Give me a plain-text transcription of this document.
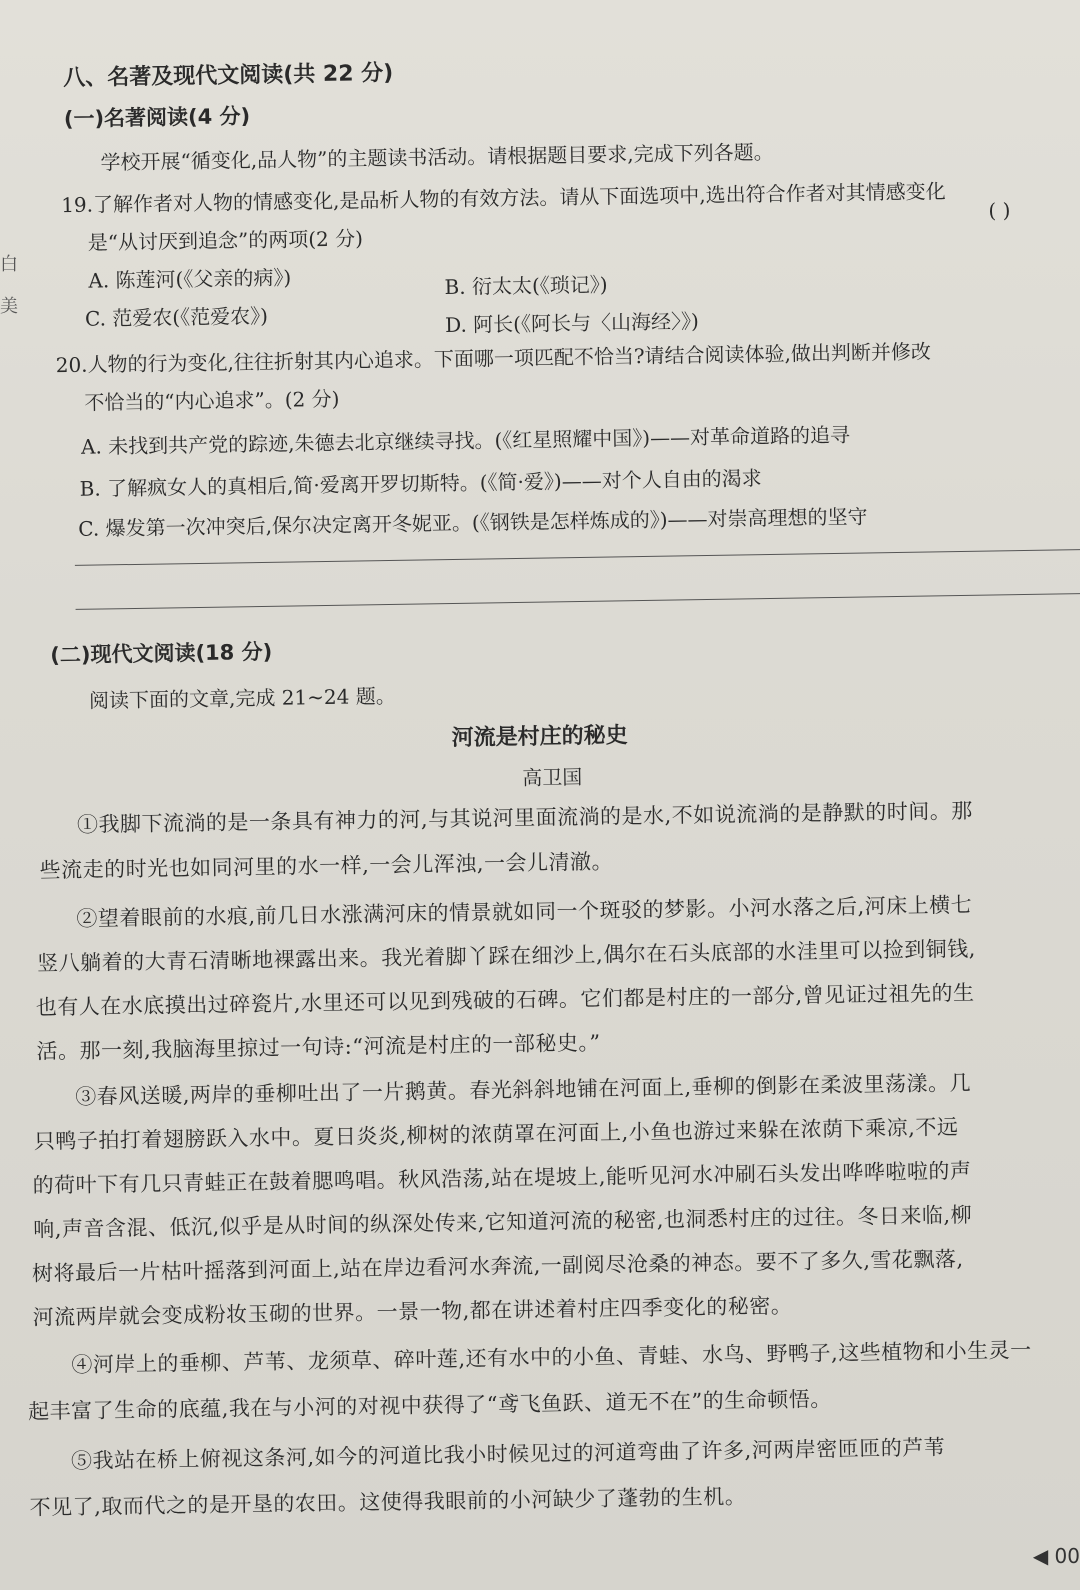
八、名著及现代文阅读(共 22 分)
(一)名著阅读(4 分)
学校开展“循变化,品人物”的主题读书活动。请根据题目要求,完成下列各题。
19.了解作者对人物的情感变化,是品析人物的有效方法。请从下面选项中,选出符合作者对其情感变化
是“从讨厌到追念”的两项(2 分)
( )
A. 陈莲河(《父亲的病》)	B. 衍太太(《琐记》)
C. 范爱农(《范爱农》)	D. 阿长(《阿长与〈山海经〉》)
20.人物的行为变化,往往折射其内心追求。下面哪一项匹配不恰当?请结合阅读体验,做出判断并修改
不恰当的“内心追求”。(2 分)
A. 未找到共产党的踪迹,朱德去北京继续寻找。(《红星照耀中国》)——对革命道路的追寻
B. 了解疯女人的真相后,简·爱离开罗切斯特。(《简·爱》)——对个人自由的渴求
C. 爆发第一次冲突后,保尔决定离开冬妮亚。(《钢铁是怎样炼成的》)——对崇高理想的坚守
(二)现代文阅读(18 分)
阅读下面的文章,完成 21~24 题。
河流是村庄的秘史
高卫国
①我脚下流淌的是一条具有神力的河,与其说河里面流淌的是水,不如说流淌的是静默的时间。那
些流走的时光也如同河里的水一样,一会儿浑浊,一会儿清澈。
②望着眼前的水痕,前几日水涨满河床的情景就如同一个斑驳的梦影。小河水落之后,河床上横七
竖八躺着的大青石清晰地裸露出来。我光着脚丫踩在细沙上,偶尔在石头底部的水洼里可以捡到铜钱,
也有人在水底摸出过碎瓷片,水里还可以见到残破的石碑。它们都是村庄的一部分,曾见证过祖先的生
活。那一刻,我脑海里掠过一句诗:“河流是村庄的一部秘史。”
③春风送暖,两岸的垂柳吐出了一片鹅黄。春光斜斜地铺在河面上,垂柳的倒影在柔波里荡漾。几
只鸭子拍打着翅膀跃入水中。夏日炎炎,柳树的浓荫罩在河面上,小鱼也游过来躲在浓荫下乘凉,不远
的荷叶下有几只青蛙正在鼓着腮鸣唱。秋风浩荡,站在堤坡上,能听见河水冲刷石头发出哗哗啦啦的声
响,声音含混、低沉,似乎是从时间的纵深处传来,它知道河流的秘密,也洞悉村庄的过往。冬日来临,柳
树将最后一片枯叶摇落到河面上,站在岸边看河水奔流,一副阅尽沧桑的神态。要不了多久,雪花飘落,
河流两岸就会变成粉妆玉砌的世界。一景一物,都在讲述着村庄四季变化的秘密。
④河岸上的垂柳、芦苇、龙须草、碎叶莲,还有水中的小鱼、青蛙、水鸟、野鸭子,这些植物和小生灵一
起丰富了生命的底蕴,我在与小河的对视中获得了“鸢飞鱼跃、道无不在”的生命顿悟。
⑤我站在桥上俯视这条河,如今的河道比我小时候见过的河道弯曲了许多,河两岸密匝匝的芦苇
不见了,取而代之的是开垦的农田。这使得我眼前的小河缺少了蓬勃的生机。
白
美
◀ 00
